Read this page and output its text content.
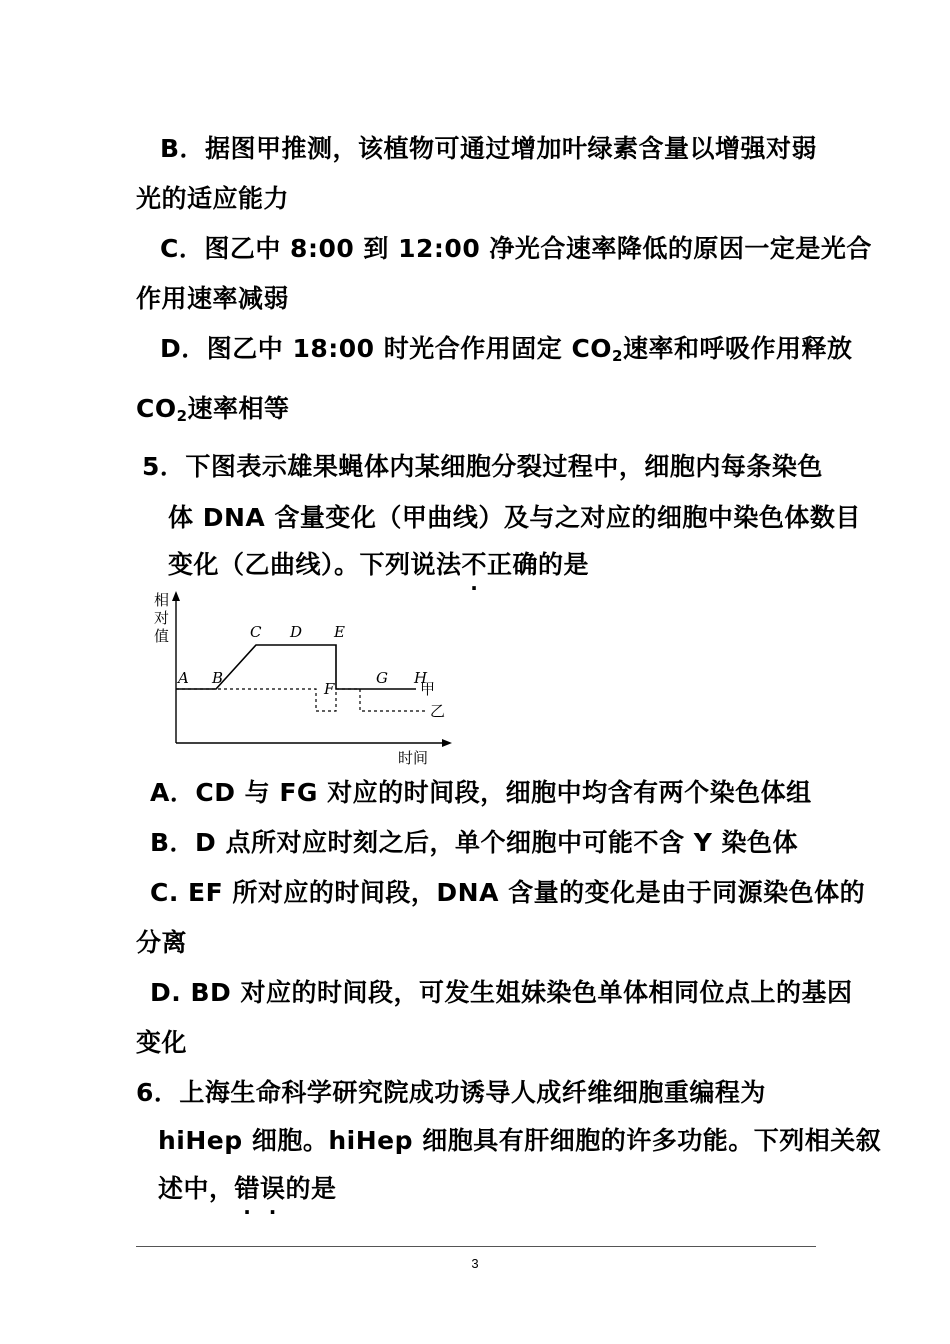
B．据图甲推测，该植物可通过增加叶绿素含量以增强对弱
光的适应能力
C．图乙中 8:00 到 12:00 净光合速率降低的原因一定是光合
作用速率减弱
D．图乙中 18:00 时光合作用固定 CO2速率和呼吸作用释放
CO2速率相等
5．下图表示雄果蝇体内某细胞分裂过程中，细胞内每条染色
体 DNA 含量变化（甲曲线）及与之对应的细胞中染色体数目
变化（乙曲线）。下列说法不正确的是
相对值
时间
甲
乙
A B
C D E
F
G H
A．CD 与 FG 对应的时间段，细胞中均含有两个染色体组
B．D 点所对应时刻之后，单个细胞中可能不含 Y 染色体
C. EF 所对应的时间段，DNA 含量的变化是由于同源染色体的
分离
D. BD 对应的时间段，可发生姐妹染色单体相同位点上的基因
变化
6．上海生命科学研究院成功诱导人成纤维细胞重编程为
hiHep 细胞。hiHep 细胞具有肝细胞的许多功能。下列相关叙
述中，错误的是
3
